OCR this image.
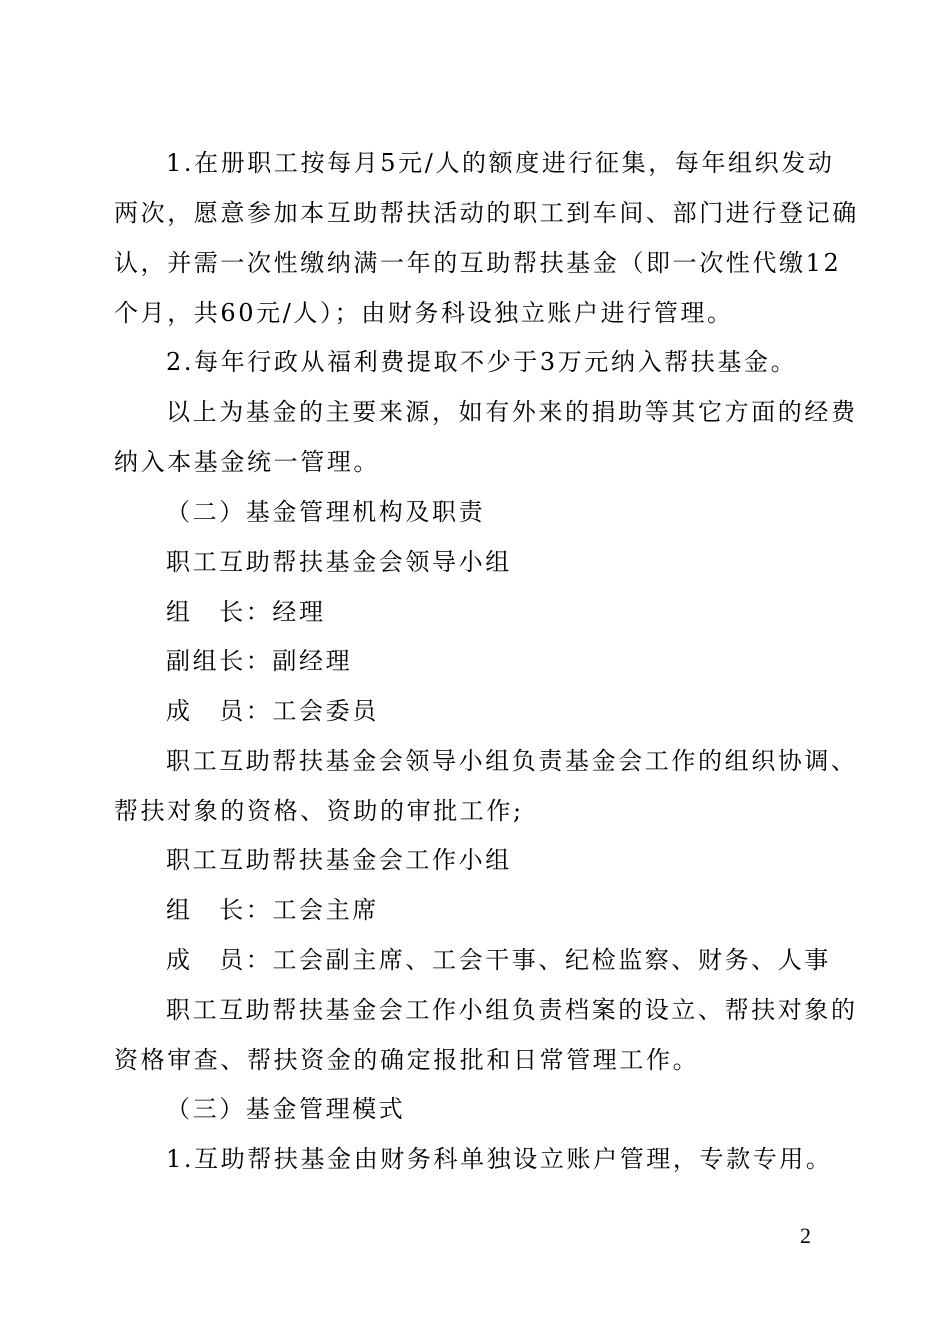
1.在册职工按每月5元/人的额度进行征集，每年组织发动
两次，愿意参加本互助帮扶活动的职工到车间、部门进行登记确
认，并需一次性缴纳满一年的互助帮扶基金（即一次性代缴12
个月，共60元/人）；由财务科设独立账户进行管理。
2.每年行政从福利费提取不少于3万元纳入帮扶基金。
以上为基金的主要来源，如有外来的捐助等其它方面的经费
纳入本基金统一管理。
（二）基金管理机构及职责
职工互助帮扶基金会领导小组
组　长：经理
副组长：副经理
成　员：工会委员
职工互助帮扶基金会领导小组负责基金会工作的组织协调、
帮扶对象的资格、资助的审批工作;
职工互助帮扶基金会工作小组
组　长：工会主席
成　员：工会副主席、工会干事、纪检监察、财务、人事
职工互助帮扶基金会工作小组负责档案的设立、帮扶对象的
资格审查、帮扶资金的确定报批和日常管理工作。
（三）基金管理模式
1.互助帮扶基金由财务科单独设立账户管理，专款专用。
2
